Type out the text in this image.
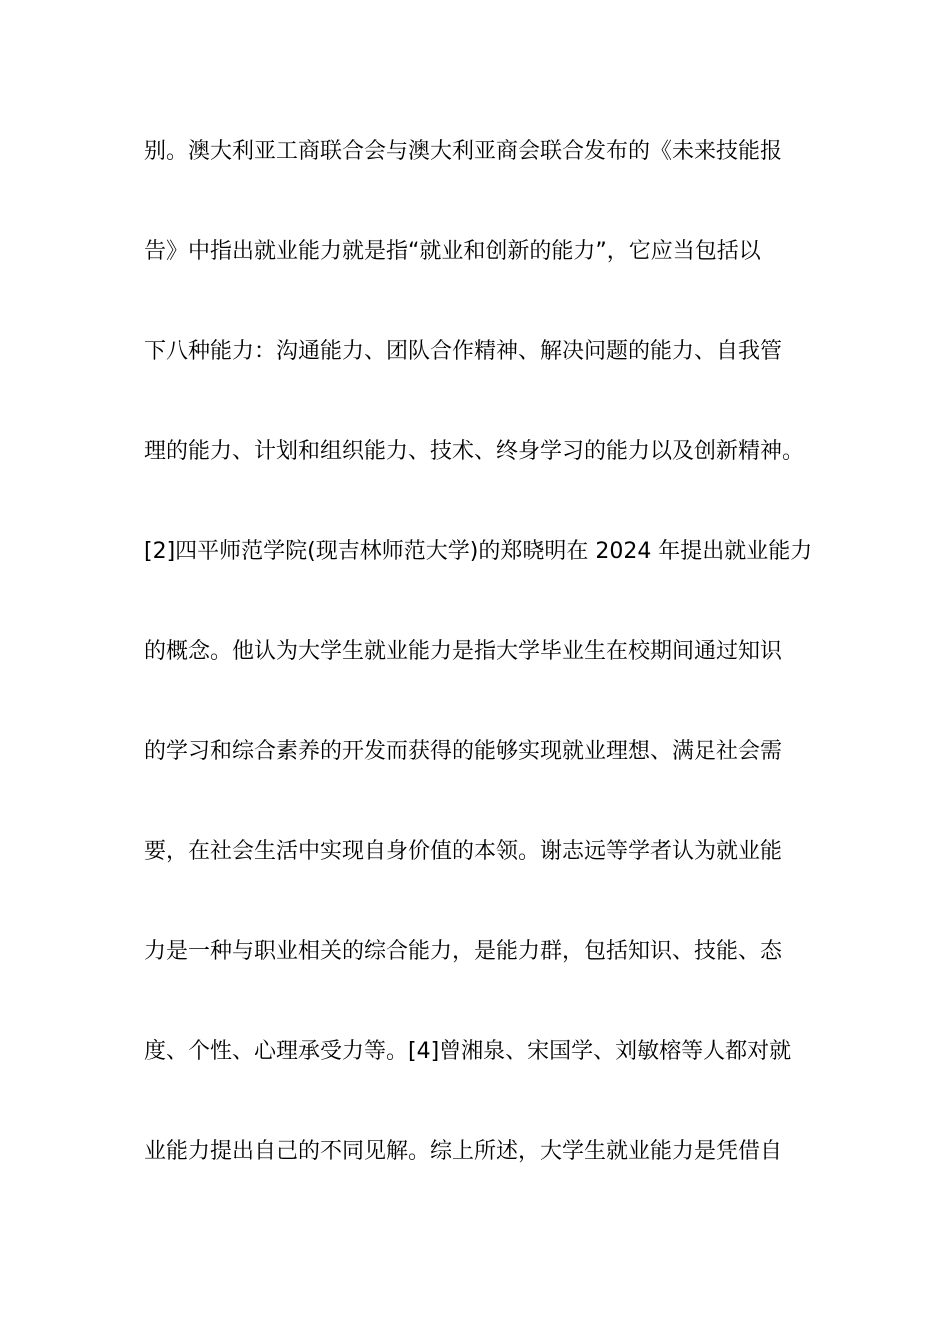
别。澳大利亚工商联合会与澳大利亚商会联合发布的《未来技能报
告》中指出就业能力就是指“就业和创新的能力”，它应当包括以
下八种能力：沟通能力、团队合作精神、解决问题的能力、自我管
理的能力、计划和组织能力、技术、终身学习的能力以及创新精神。
[2]四平师范学院(现吉林师范大学)的郑晓明在 2024 年提出就业能力
的概念。他认为大学生就业能力是指大学毕业生在校期间通过知识
的学习和综合素养的开发而获得的能够实现就业理想、满足社会需
要，在社会生活中实现自身价值的本领。谢志远等学者认为就业能
力是一种与职业相关的综合能力，是能力群，包括知识、技能、态
度、个性、心理承受力等。[4]曾湘泉、宋国学、刘敏榕等人都对就
业能力提出自己的不同见解。综上所述，大学生就业能力是凭借自
